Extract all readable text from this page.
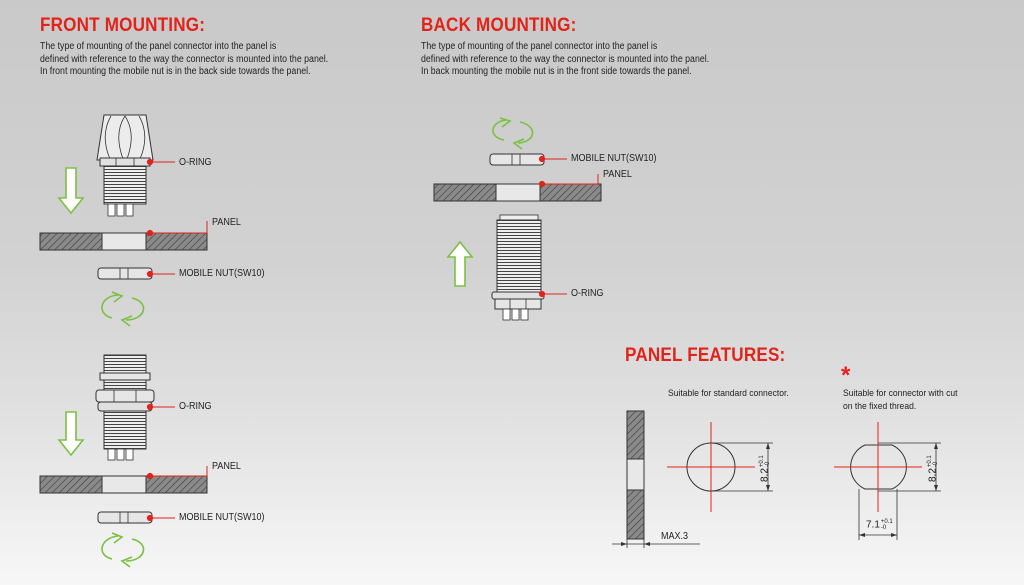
FRONT MOUNTING:
The type of mounting of the panel connector into the panel is
defined with reference to the way the connector is mounted into the panel.
In front mounting the mobile nut is in the back side towards the panel.
BACK MOUNTING:
The type of mounting of the panel connector into the panel is
defined with reference to the way the connector is mounted into the panel.
In back mounting the mobile nut is in the front side towards the panel.
O-RING
PANEL
MOBILE NUT(SW10)
MOBILE NUT(SW10)
PANEL
O-RING
O-RING
PANEL
MOBILE NUT(SW10)
PANEL FEATURES:
Suitable for standard connector.
*
Suitable for connector with cut
on the fixed thread.
MAX.3
8.2
+0.1 -0
8.2
+0.1 -0
7.1 +0.1
-0
